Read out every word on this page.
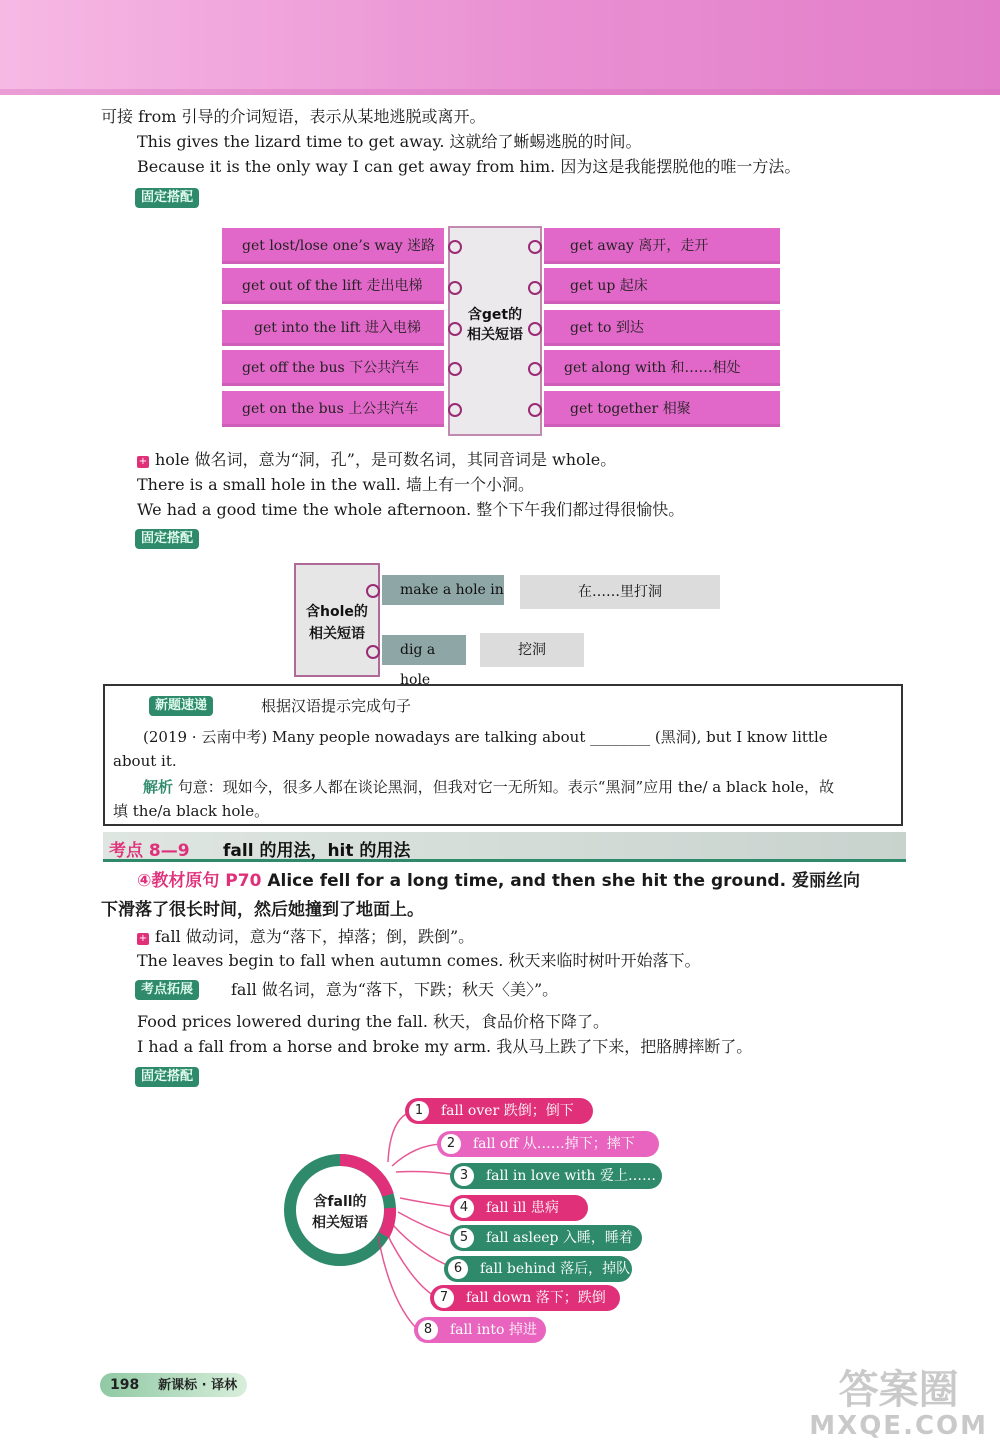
可接 from 引导的介词短语，表示从某地逃脱或离开。
This gives the lizard time to get away. 这就给了蜥蜴逃脱的时间。
Because it is the only way I can get away from him. 因为这是我能摆脱他的唯一方法。
固定搭配
含get的
相关短语
get lost/lose one’s way 迷路
get out of the lift 走出电梯
get into the lift 进入电梯
get off the bus 下公共汽车
get on the bus 上公共汽车
get away 离开，走开
get up 起床
get to 到达
get along with 和……相处
get together 相聚
+ hole 做名词，意为“洞，孔”，是可数名词，其同音词是 whole。
There is a small hole in the wall. 墙上有一个小洞。
We had a good time the whole afternoon. 整个下午我们都过得很愉快。
固定搭配
含hole的
相关短语
make a hole in
dig a hole
在……里打洞
挖洞
新题速递	根据汉语提示完成句子
(2019 · 云南中考) Many people nowadays are talking about ________ (黑洞), but I know little
about it.
解析 句意：现如今，很多人都在谈论黑洞，但我对它一无所知。表示“黑洞”应用 the/ a black hole，故
填 the/a black hole。
考点 8—9 fall 的用法，hit 的用法
④教材原句 P70 Alice fell for a long time, and then she hit the ground. 爱丽丝向
下滑落了很长时间，然后她撞到了地面上。
+ fall 做动词，意为“落下，掉落；倒，跌倒”。
The leaves begin to fall when autumn comes. 秋天来临时树叶开始落下。
考点拓展	fall 做名词，意为“落下，下跌；秋天〈美〉”。
Food prices lowered during the fall. 秋天，食品价格下降了。
I had a fall from a horse and broke my arm. 我从马上跌了下来，把胳膊摔断了。
固定搭配
含fall的
相关短语
1	fall over 跌倒；倒下
2	fall off 从……掉下；摔下
3	fall in love with 爱上……
4	fall ill 患病
5	fall asleep 入睡，睡着
6	fall behind 落后，掉队
7	fall down 落下；跌倒
8	fall into 掉进
198 新课标 · 译林	答案圈
MXQE.COM
